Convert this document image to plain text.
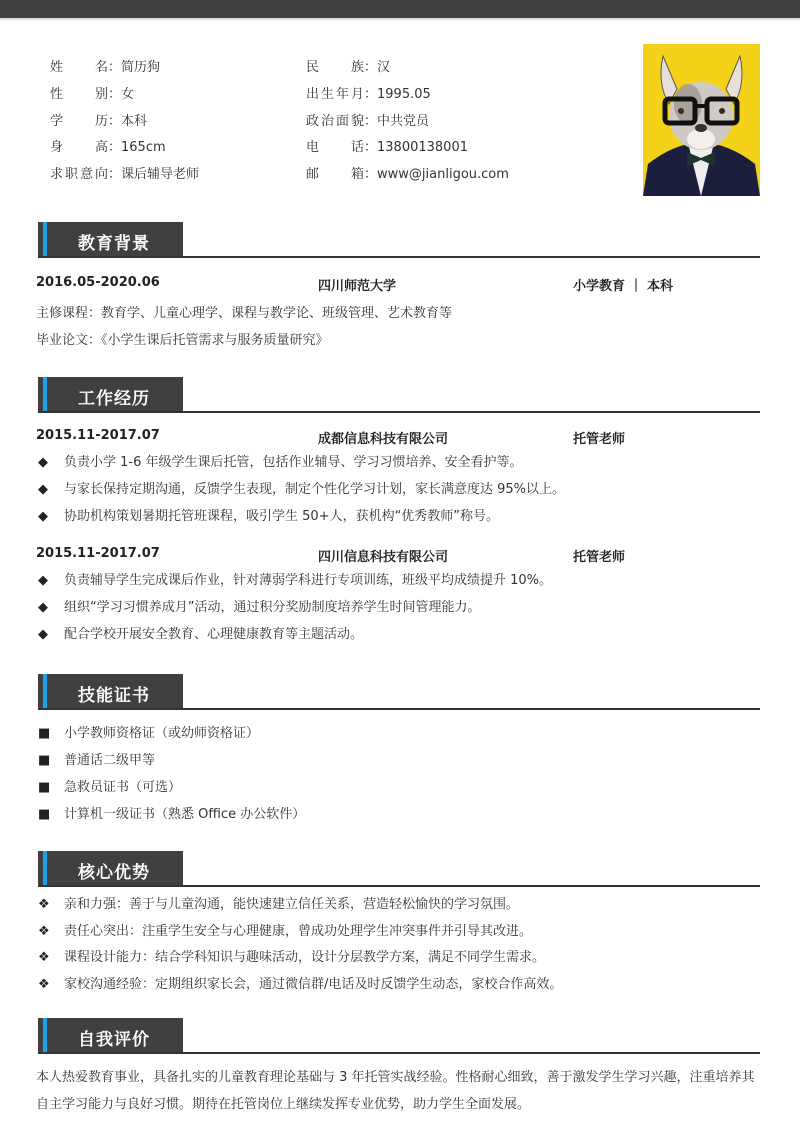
姓名：简历狗
性别：女
学历：本科
身高：165cm
求职意向：课后辅导老师
民族：汉
出生年月：1995.05
政治面貌：中共党员
电话：13800138001
邮箱：www@jianligou.com
教育背景
2016.05-2020.06	四川师范大学	小学教育 ｜ 本科
主修课程：教育学、儿童心理学、课程与教学论、班级管理、艺术教育等
毕业论文：《小学生课后托管需求与服务质量研究》
工作经历
2015.11-2017.07	成都信息科技有限公司	托管老师
◆ 负责小学 1-6 年级学生课后托管，包括作业辅导、学习习惯培养、安全看护等。
◆ 与家长保持定期沟通，反馈学生表现，制定个性化学习计划，家长满意度达 95%以上。
◆ 协助机构策划暑期托管班课程，吸引学生 50+人，获机构“优秀教师”称号。
2015.11-2017.07	四川信息科技有限公司	托管老师
◆ 负责辅导学生完成课后作业，针对薄弱学科进行专项训练，班级平均成绩提升 10%。
◆ 组织“学习习惯养成月”活动，通过积分奖励制度培养学生时间管理能力。
◆ 配合学校开展安全教育、心理健康教育等主题活动。
技能证书
■ 小学教师资格证（或幼师资格证）
■ 普通话二级甲等
■ 急救员证书（可选）
■ 计算机一级证书（熟悉 Office 办公软件）
核心优势
❖ 亲和力强：善于与儿童沟通，能快速建立信任关系，营造轻松愉快的学习氛围。
❖ 责任心突出：注重学生安全与心理健康，曾成功处理学生冲突事件并引导其改进。
❖ 课程设计能力：结合学科知识与趣味活动，设计分层教学方案，满足不同学生需求。
❖ 家校沟通经验：定期组织家长会，通过微信群/电话及时反馈学生动态，家校合作高效。
自我评价
本人热爱教育事业，具备扎实的儿童教育理论基础与 3 年托管实战经验。性格耐心细致，善于激发学生学习兴趣，注重培养其自主学习能力与良好习惯。期待在托管岗位上继续发挥专业优势，助力学生全面发展。
